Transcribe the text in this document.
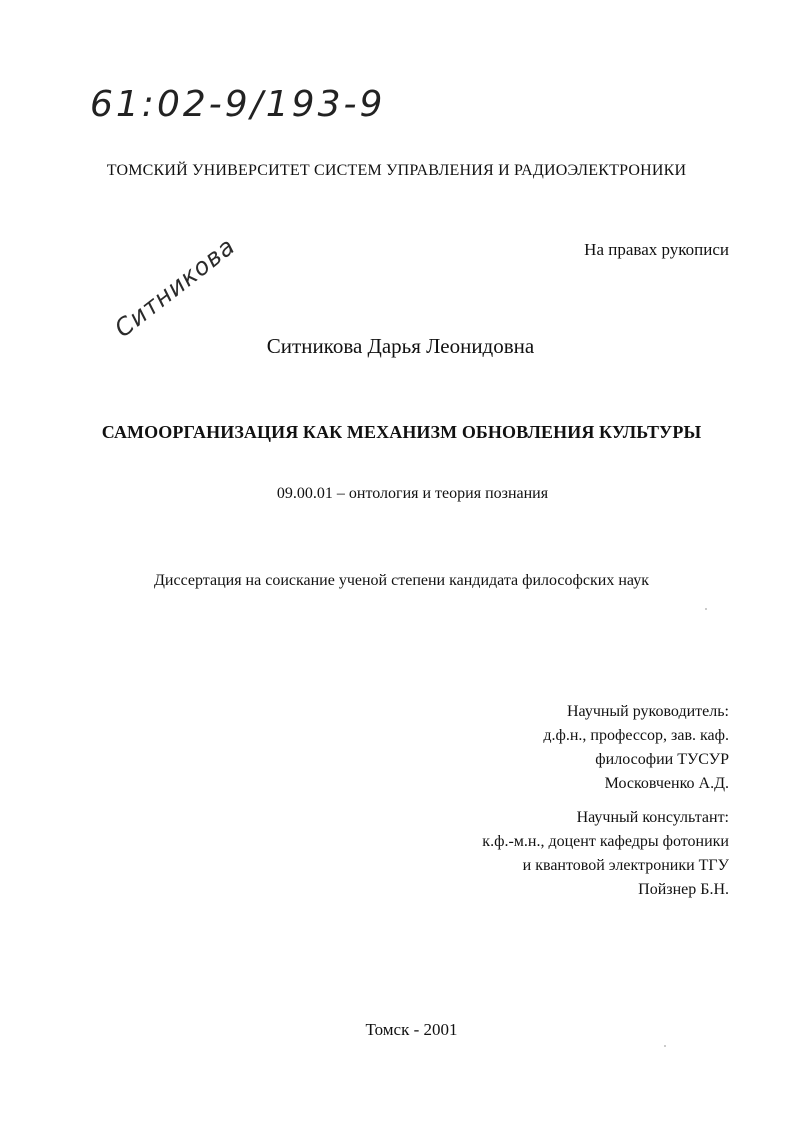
61:02-9/193-9
ТОМСКИЙ УНИВЕРСИТЕТ СИСТЕМ УПРАВЛЕНИЯ И РАДИОЭЛЕКТРОНИКИ
На правах рукописи
Ситникова
Ситникова Дарья Леонидовна
САМООРГАНИЗАЦИЯ КАК МЕХАНИЗМ ОБНОВЛЕНИЯ КУЛЬТУРЫ
09.00.01 – онтология и теория познания
Диссертация на соискание ученой степени кандидата философских наук
Научный руководитель:
д.ф.н., профессор, зав. каф.
философии ТУСУР
Московченко А.Д.
Научный консультант:
к.ф.-м.н., доцент кафедры фотоники
и квантовой электроники ТГУ
Пойзнер Б.Н.
Томск - 2001
